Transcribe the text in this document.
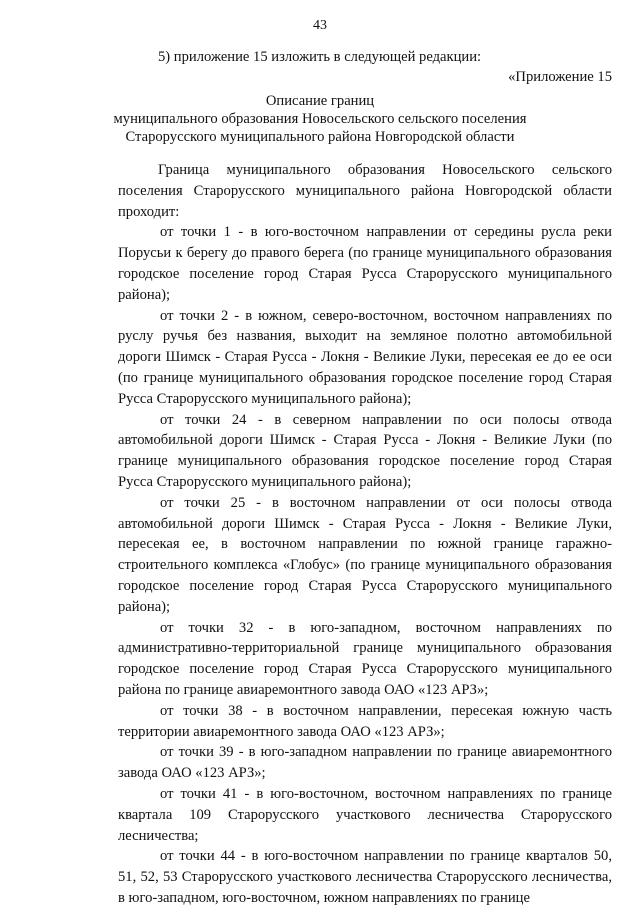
43
5) приложение 15 изложить в следующей редакции:
«Приложение 15
Описание границ
муниципального образования Новосельского сельского поселения
Старорусского муниципального района Новгородской области

Граница муниципального образования Новосельского сельского поселения Старорусского муниципального района Новгородской области проходит:

от точки 1 - в юго-восточном направлении от середины русла реки Порусьи к берегу до правого берега (по границе муниципального образования городское поселение город Старая Русса Старорусского муниципального района);

от точки 2 - в южном, северо-восточном, восточном направлениях по руслу ручья без названия, выходит на земляное полотно автомобильной дороги Шимск - Старая Русса - Локня - Великие Луки, пересекая ее до ее оси (по границе муниципального образования городское поселение город Старая Русса Старорусского муниципального района);

от точки 24 - в северном направлении по оси полосы отвода автомобильной дороги Шимск - Старая Русса - Локня - Великие Луки (по границе муниципального образования городское поселение город Старая Русса Старорусского муниципального района);

от точки 25 - в восточном направлении от оси полосы отвода автомобильной дороги Шимск - Старая Русса - Локня - Великие Луки, пересекая ее, в восточном направлении по южной границе гаражно-строительного комплекса «Глобус» (по границе муниципального образования городское поселение город Старая Русса Старорусского муниципального района);

от точки 32 - в юго-западном, восточном направлениях по административно-территориальной границе муниципального образования городское поселение город Старая Русса Старорусского муниципального района по границе авиаремонтного завода ОАО «123 АРЗ»;

от точки 38 - в восточном направлении, пересекая южную часть территории авиаремонтного завода ОАО «123 АРЗ»;

от точки 39 - в юго-западном направлении по границе авиаремонтного завода ОАО «123 АРЗ»;

от точки 41 - в юго-восточном, восточном направлениях по границе квартала 109 Старорусского участкового лесничества Старорусского лесничества;

от точки 44 - в юго-восточном направлении по границе кварталов 50, 51, 52, 53 Старорусского участкового лесничества Старорусского лесничества, в юго-западном, юго-восточном, южном направлениях по границе
